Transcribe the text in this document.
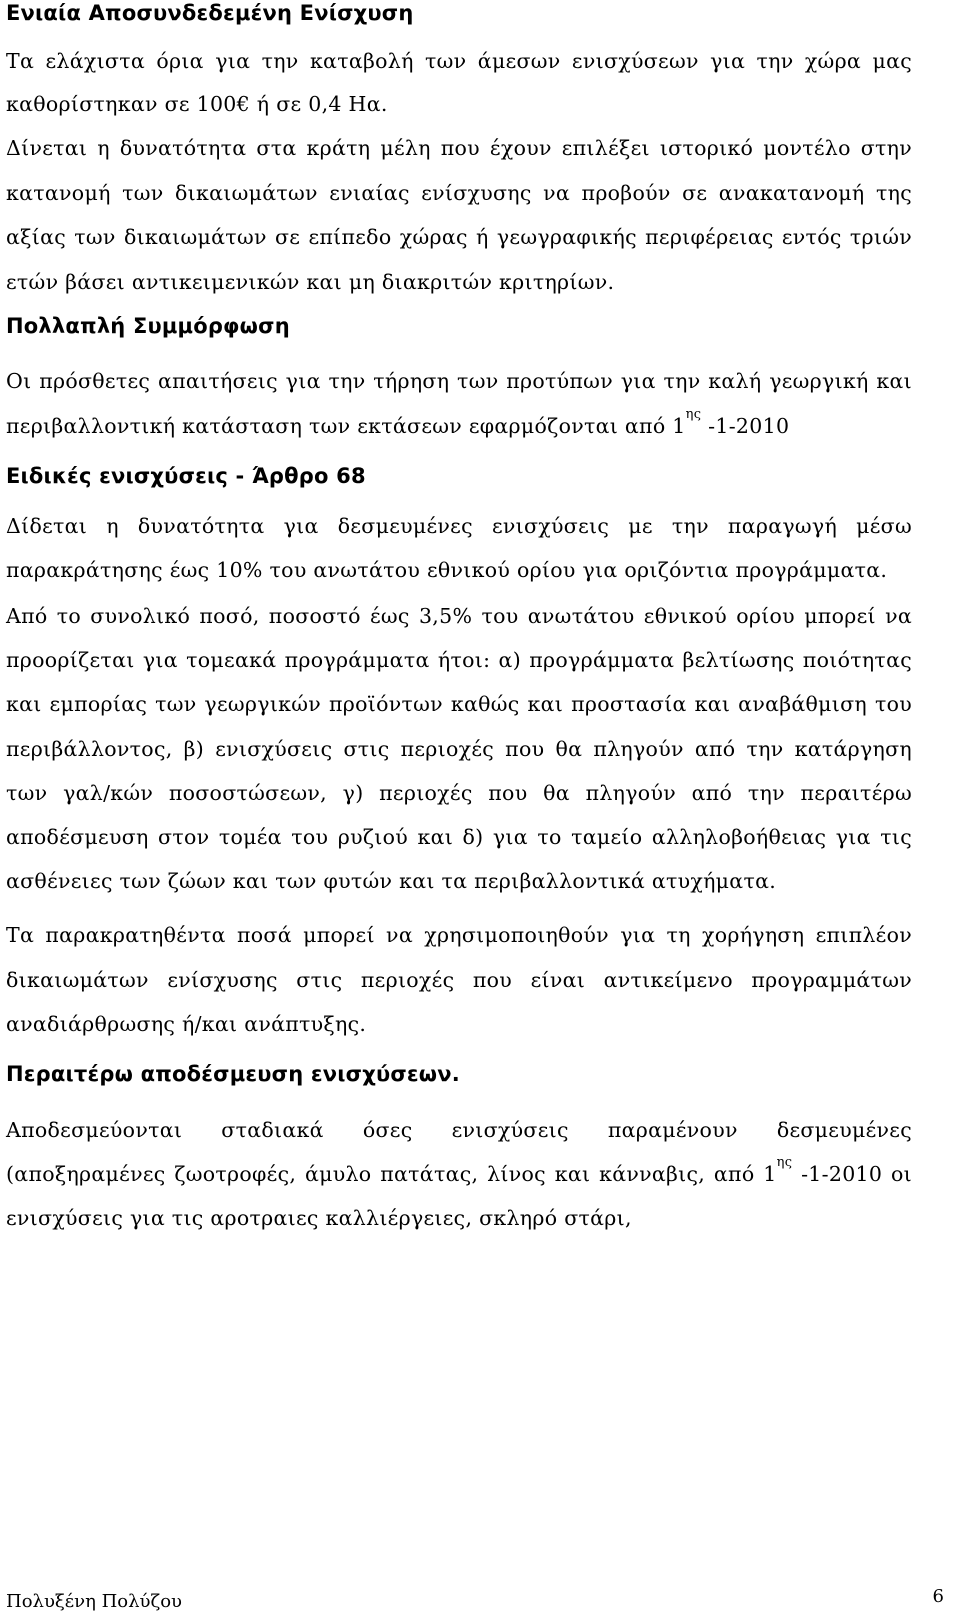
Ενιαία Αποσυνδεδεμένη Ενίσχυση

Τα ελάχιστα όρια για την καταβολή των άμεσων ενισχύσεων για την χώρα μας καθορίστηκαν σε 100€ ή σε 0,4 Ηα.

Δίνεται η δυνατότητα στα κράτη μέλη που έχουν επιλέξει ιστορικό μοντέλο στην κατανομή των δικαιωμάτων ενιαίας ενίσχυσης να προβούν σε ανακατανομή της αξίας των δικαιωμάτων σε επίπεδο χώρας ή γεωγραφικής περιφέρειας εντός τριών ετών βάσει αντικειμενικών και μη διακριτών κριτηρίων.

Πολλαπλή Συμμόρφωση

Οι πρόσθετες απαιτήσεις για την τήρηση των προτύπων για την καλή γεωργική και περιβαλλοντική κατάσταση των εκτάσεων εφαρμόζονται από $1^{\eta\varsigma}$ -1-2010

Ειδικές ενισχύσεις - Άρθρο 68

Δίδεται η δυνατότητα για δεσμευμένες ενισχύσεις με την παραγωγή μέσω παρακράτησης έως 10% του ανωτάτου εθνικού ορίου για οριζόντια προγράμματα.

Από το συνολικό ποσό, ποσοστό έως 3,5% του ανωτάτου εθνικού ορίου μπορεί να προορίζεται για τομεακά προγράμματα ήτοι: α) προγράμματα βελτίωσης ποιότητας και εμπορίας των γεωργικών προϊόντων καθώς και προστασία και αναβάθμιση του περιβάλλοντος, β) ενισχύσεις στις περιοχές που θα πληγούν από την κατάργηση των γαλ/κών ποσοστώσεων, γ) περιοχές που θα πληγούν από την περαιτέρω αποδέσμευση στον τομέα του ρυζιού και δ) για το ταμείο αλληλοβοήθειας για τις ασθένειες των ζώων και των φυτών και τα περιβαλλοντικά ατυχήματα.

Τα παρακρατηθέντα ποσά μπορεί να χρησιμοποιηθούν για τη χορήγηση επιπλέον δικαιωμάτων ενίσχυσης στις περιοχές που είναι αντικείμενο προγραμμάτων αναδιάρθρωσης ή/και ανάπτυξης.

Περαιτέρω αποδέσμευση ενισχύσεων.

Αποδεσμεύονται σταδιακά όσες ενισχύσεις παραμένουν δεσμευμένες (αποξηραμένες ζωοτροφές, άμυλο πατάτας, λίνος και κάνναβις, από $1^{\eta\varsigma}$ -1-2010 οι ενισχύσεις για τις αροτραιες καλλιέργειες, σκληρό στάρι,

Πολυξένη Πολύζου	6
